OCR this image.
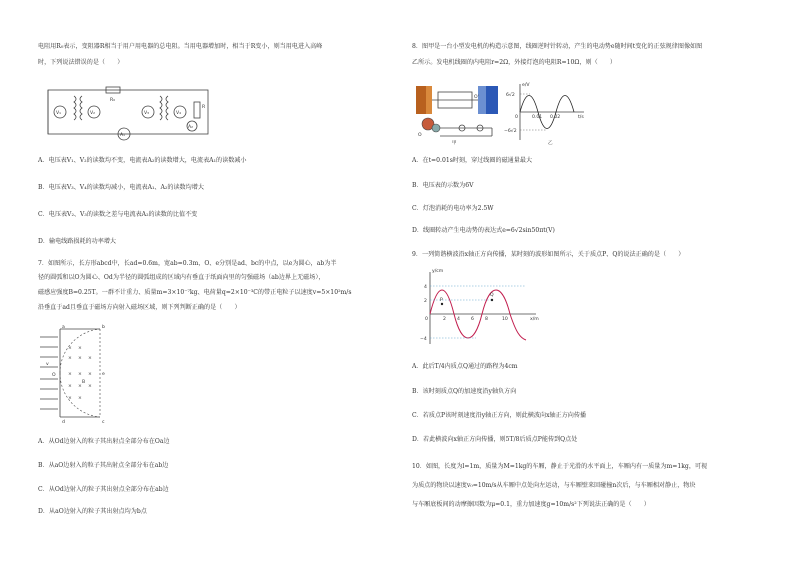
电阻用R₀表示，变阻器R相当于用户用电器的总电阻。当用电器增加时，相当于R变小，则当用电进入高峰
时，下列说法错误的是（　　）
V₁	V₂
R₀
A₁
V₃	V₄
R
A₂
A．电压表V₁、V₂的读数均不变，电流表A₂的读数增大，电流表A₁的读数减小
B．电压表V₃、V₄的读数均减小，电流表A₁、A₂的读数均增大
C．电压表V₂、V₃的读数之差与电流表A₂的读数的比值不变
D．输电线路损耗的功率增大
7．如图所示，长方形abcd中，长ad=0.6m，宽ab=0.3m，O、e分别是ad、bc的中点，以e为圆心，ab为半
径的圆弧和以O为圆心、Od为半径的圆弧组成的区域内有垂直于纸面向里的匀强磁场（ab边界上无磁场），
磁感应强度B=0.25T。一群不计重力、质量m=3×10⁻⁷kg、电荷量q=2×10⁻³C的带正电粒子以速度v=5×10²m/s
沿垂直于ad且垂直于磁场方向射入磁场区域，则下列判断正确的是（　　）
× ×
× × ×
× × ×
× × ×
× ×
a	b
e
c
d
O
v
B
A．从Od边射入的粒子其出射点全部分布在Oa边
B．从aO边射入的粒子其出射点全部分布在ab边
C．从Od边射入的粒子其出射点全部分布在ab边
D．从aO边射入的粒子其出射点均为b点
8．图甲是一台小型发电机的构造示意图，线圈逆时针转动，产生的电动势e随时间t变化的正弦规律图像如图
乙所示。发电机线圈的内电阻r=2Ω，外接灯泡的电阻R=10Ω，则（　　）
O
O'
甲
e/V
t/s
6√2
−6√2
0	0.01 0.02
乙
A．在t=0.01s时刻，穿过线圈的磁通量最大
B．电压表的示数为6V
C．灯泡消耗的电功率为2.5W
D．线圈转动产生电动势的表达式e=6√2sin50πt(V)
9．一列简谐横波沿x轴正方向传播，某时刻的波形如图所示，关于质点P、Q的说法正确的是（　　）
y/cm
x/m
4
2
−4
0	2 4 6 8	10
P
Q
A．此后T/4内质点Q通过的路程为4cm
B．该时刻质点Q的加速度沿y轴负方向
C．若质点P该时刻速度沿y轴正方向，则此横波向x轴正方向传播
D．若此横波向x轴正方向传播，则5T/8后质点P能传到Q点处
10．如图，长度为l=1m，质量为M=1kg的车厢，静止于光滑的水平面上，车厢内有一质量为m=1kg，可视
为质点的物块以速度v₀=10m/s从车厢中点处向左运动，与车厢壁来回碰撞n次后，与车厢相对静止，物块
与车厢底板间的动摩擦因数为μ=0.1，重力加速度g=10m/s²下列说法正确的是（　　）
